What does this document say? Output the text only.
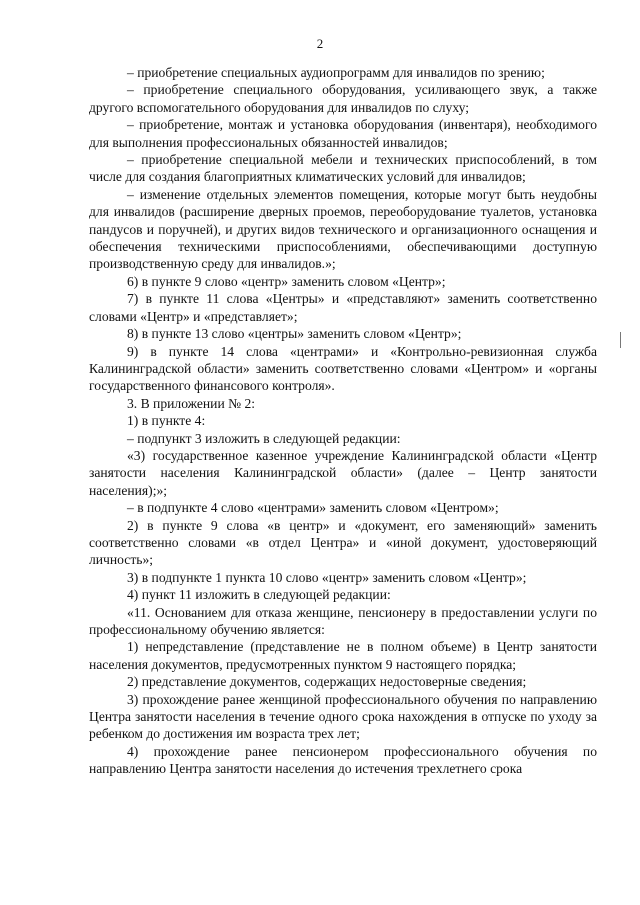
2

– приобретение специальных аудиопрограмм для инвалидов по зрению;

– приобретение специального оборудования, усиливающего звук, а также другого вспомогательного оборудования для инвалидов по слуху;

– приобретение, монтаж и установка оборудования (инвентаря), необходимого для выполнения профессиональных обязанностей инвалидов;

– приобретение специальной мебели и технических приспособлений, в том числе для создания благоприятных климатических условий для инвалидов;

– изменение отдельных элементов помещения, которые могут быть неудобны для инвалидов (расширение дверных проемов, переоборудование туалетов, установка пандусов и поручней), и других видов технического и организационного оснащения и обеспечения техническими приспособлениями, обеспечивающими доступную производственную среду для инвалидов.»;

6) в пункте 9 слово «центр» заменить словом «Центр»;

7) в пункте 11 слова «Центры» и «представляют» заменить соответственно словами «Центр» и «представляет»;

8) в пункте 13 слово «центры» заменить словом «Центр»;

9) в пункте 14 слова «центрами» и «Контрольно-ревизионная служба Калининградской области» заменить соответственно словами «Центром» и «органы государственного финансового контроля».

3. В приложении № 2:

1) в пункте 4:

– подпункт 3 изложить в следующей редакции:

«3) государственное казенное учреждение Калининградской области «Центр занятости населения Калининградской области» (далее – Центр занятости населения);»;

– в подпункте 4 слово «центрами» заменить словом «Центром»;

2) в пункте 9 слова «в центр» и «документ, его заменяющий» заменить соответственно словами «в отдел Центра» и «иной документ, удостоверяющий личность»;

3) в подпункте 1 пункта 10 слово «центр» заменить словом «Центр»;

4) пункт 11 изложить в следующей редакции:

«11. Основанием для отказа женщине, пенсионеру в предоставлении услуги по профессиональному обучению является:

1) непредставление (представление не в полном объеме) в Центр занятости населения документов, предусмотренных пунктом 9 настоящего порядка;

2) представление документов, содержащих недостоверные сведения;

3) прохождение ранее женщиной профессионального обучения по направлению Центра занятости населения в течение одного срока нахождения в отпуске по уходу за ребенком до достижения им возраста трех лет;

4) прохождение ранее пенсионером профессионального обучения по направлению Центра занятости населения до истечения трехлетнего срока
